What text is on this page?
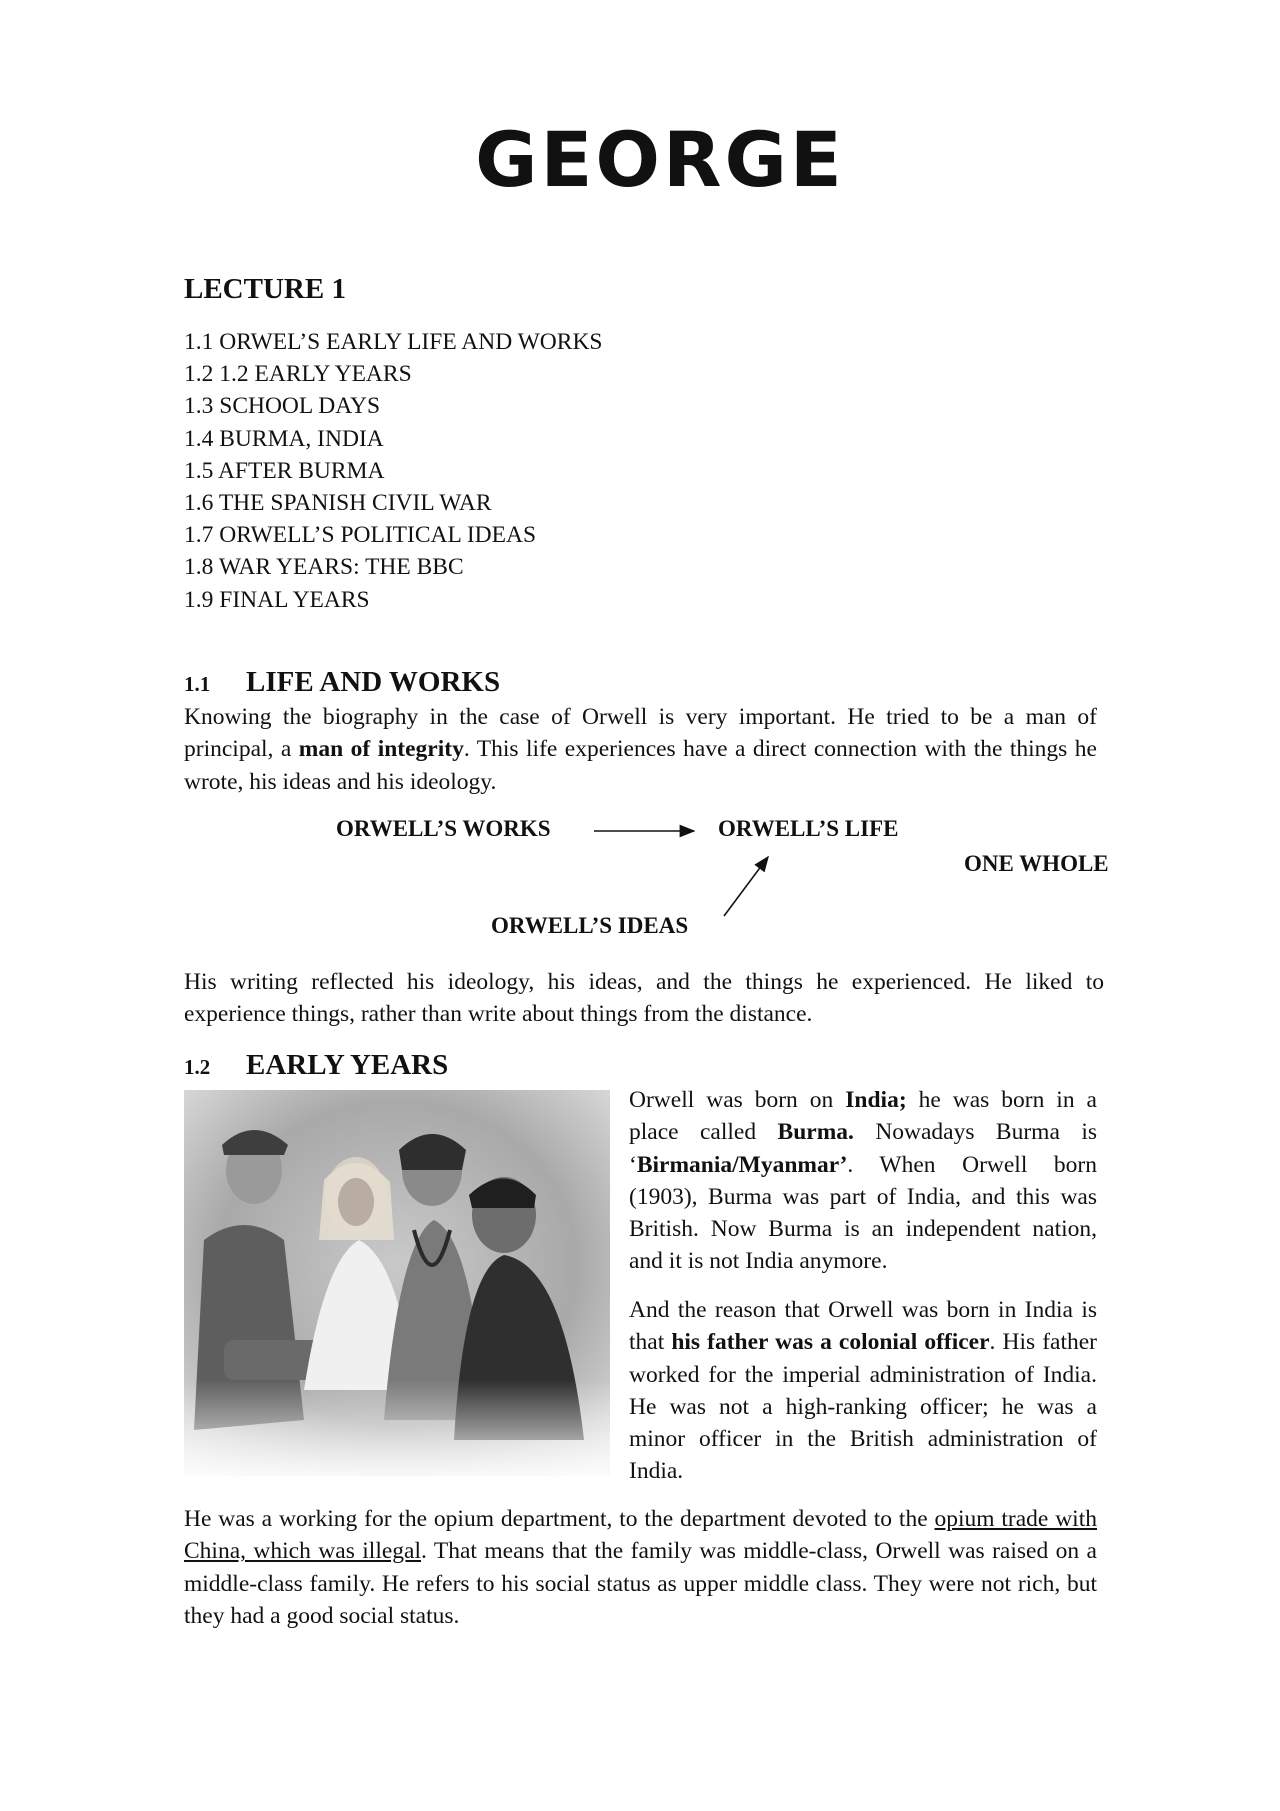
GEORGE
LECTURE 1
1.1 ORWEL’S EARLY LIFE AND WORKS
1.2 1.2 EARLY YEARS
1.3 SCHOOL DAYS
1.4 BURMA, INDIA
1.5 AFTER BURMA
1.6 THE SPANISH CIVIL WAR
1.7 ORWELL’S POLITICAL IDEAS
1.8 WAR YEARS: THE BBC
1.9 FINAL YEARS
1.1 LIFE AND WORKS

Knowing the biography in the case of Orwell is very important. He tried to be a man of principal, a man of integrity. This life experiences have a direct connection with the things he wrote, his ideas and his ideology.

ORWELL’S WORKS	ORWELL’S LIFE
ONE WHOLE
ORWELL’S IDEAS

His writing reflected his ideology, his ideas, and the things he experienced. He liked to experience things, rather than write about things from the distance.

1.2 EARLY YEARS

Orwell was born on India; he was born in a place called Burma. Nowadays Burma is ‘Birmania/Myanmar’. When Orwell born (1903), Burma was part of India, and this was British. Now Burma is an independent nation, and it is not India anymore.

And the reason that Orwell was born in India is that his father was a colonial officer. His father worked for the imperial administration of India. He was not a high-ranking officer; he was a minor officer in the British administration of India.

He was a working for the opium department, to the department devoted to the opium trade with China, which was illegal. That means that the family was middle-class, Orwell was raised on a middle-class family. He refers to his social status as upper middle class. They were not rich, but they had a good social status.
